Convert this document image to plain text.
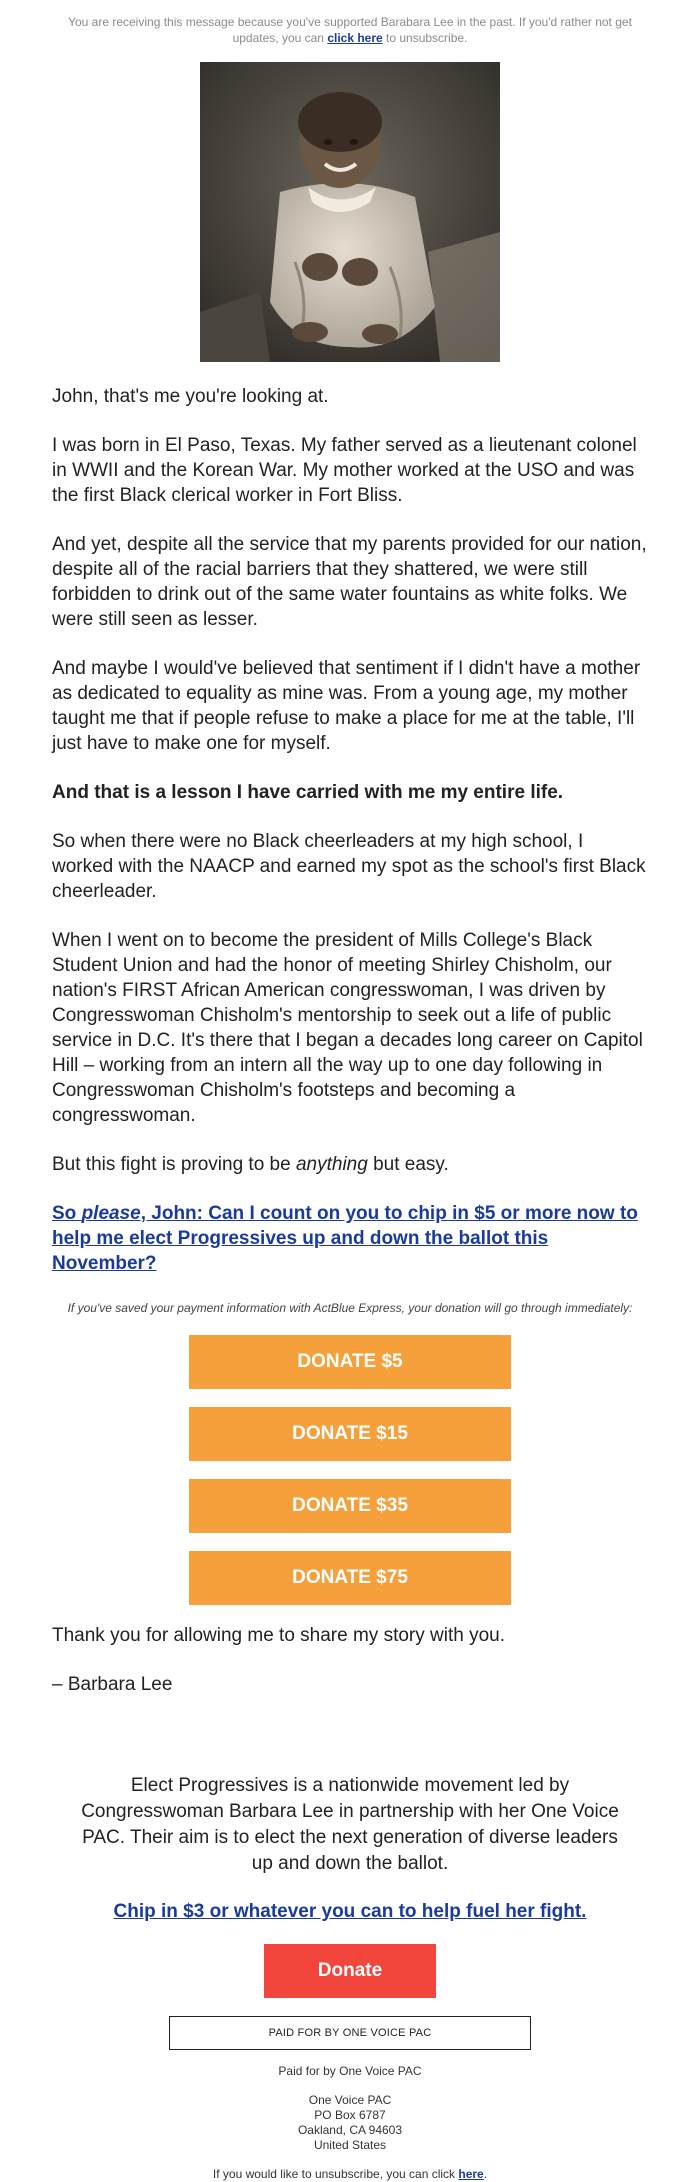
You are receiving this message because you've supported Barabara Lee in the past. If you'd rather not get updates, you can click here to unsubscribe.

John, that's me you're looking at.

I was born in El Paso, Texas. My father served as a lieutenant colonel in WWII and the Korean War. My mother worked at the USO and was the first Black clerical worker in Fort Bliss.

And yet, despite all the service that my parents provided for our nation, despite all of the racial barriers that they shattered, we were still forbidden to drink out of the same water fountains as white folks. We were still seen as lesser.

And maybe I would've believed that sentiment if I didn't have a mother as dedicated to equality as mine was. From a young age, my mother taught me that if people refuse to make a place for me at the table, I'll just have to make one for myself.

And that is a lesson I have carried with me my entire life.

So when there were no Black cheerleaders at my high school, I worked with the NAACP and earned my spot as the school's first Black cheerleader.

When I went on to become the president of Mills College's Black Student Union and had the honor of meeting Shirley Chisholm, our nation's FIRST African American congresswoman, I was driven by Congresswoman Chisholm's mentorship to seek out a life of public service in D.C. It's there that I began a decades long career on Capitol Hill – working from an intern all the way up to one day following in Congresswoman Chisholm's footsteps and becoming a congresswoman.

But this fight is proving to be anything but easy.

So please, John: Can I count on you to chip in $5 or more now to help me elect Progressives up and down the ballot this November?
If you've saved your payment information with ActBlue Express, your donation will go through immediately:
DONATE $5
DONATE $15
DONATE $35
DONATE $75

Thank you for allowing me to share my story with you.

– Barbara Lee

Elect Progressives is a nationwide movement led by Congresswoman Barbara Lee in partnership with her One Voice PAC. Their aim is to elect the next generation of diverse leaders up and down the ballot.
Chip in $3 or whatever you can to help fuel her fight.
Donate
PAID FOR BY ONE VOICE PAC
Paid for by One Voice PAC
One Voice PAC
PO Box 6787
Oakland, CA 94603
United States
If you would like to unsubscribe, you can click here.
